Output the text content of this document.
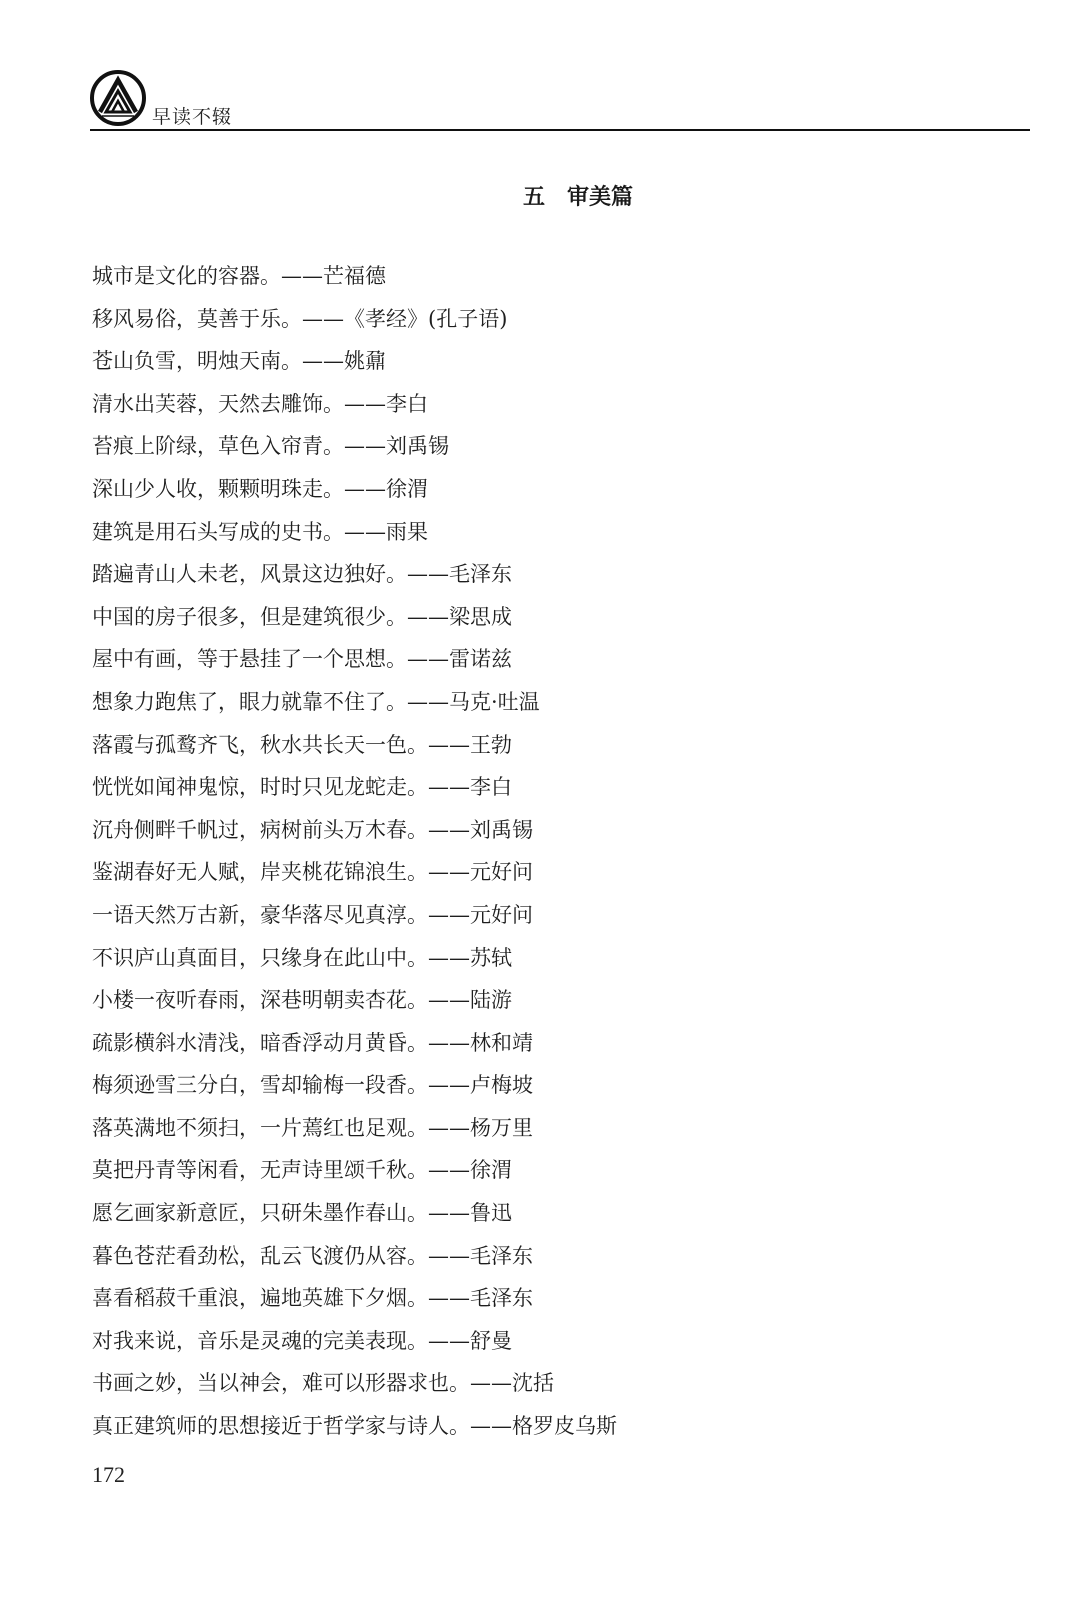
早读不辍
五 审美篇
城市是文化的容器。——芒福德
移风易俗，莫善于乐。——《孝经》(孔子语)
苍山负雪，明烛天南。——姚鼐
清水出芙蓉，天然去雕饰。——李白
苔痕上阶绿，草色入帘青。——刘禹锡
深山少人收，颗颗明珠走。——徐渭
建筑是用石头写成的史书。——雨果
踏遍青山人未老，风景这边独好。——毛泽东
中国的房子很多，但是建筑很少。——梁思成
屋中有画，等于悬挂了一个思想。——雷诺兹
想象力跑焦了，眼力就靠不住了。——马克·吐温
落霞与孤鹜齐飞，秋水共长天一色。——王勃
恍恍如闻神鬼惊，时时只见龙蛇走。——李白
沉舟侧畔千帆过，病树前头万木春。——刘禹锡
鉴湖春好无人赋，岸夹桃花锦浪生。——元好问
一语天然万古新，豪华落尽见真淳。——元好问
不识庐山真面目，只缘身在此山中。——苏轼
小楼一夜听春雨，深巷明朝卖杏花。——陆游
疏影横斜水清浅，暗香浮动月黄昏。——林和靖
梅须逊雪三分白，雪却输梅一段香。——卢梅坡
落英满地不须扫，一片蔫红也足观。——杨万里
莫把丹青等闲看，无声诗里颂千秋。——徐渭
愿乞画家新意匠，只研朱墨作春山。——鲁迅
暮色苍茫看劲松，乱云飞渡仍从容。——毛泽东
喜看稻菽千重浪，遍地英雄下夕烟。——毛泽东
对我来说，音乐是灵魂的完美表现。——舒曼
书画之妙，当以神会，难可以形器求也。——沈括
真正建筑师的思想接近于哲学家与诗人。——格罗皮乌斯
172
